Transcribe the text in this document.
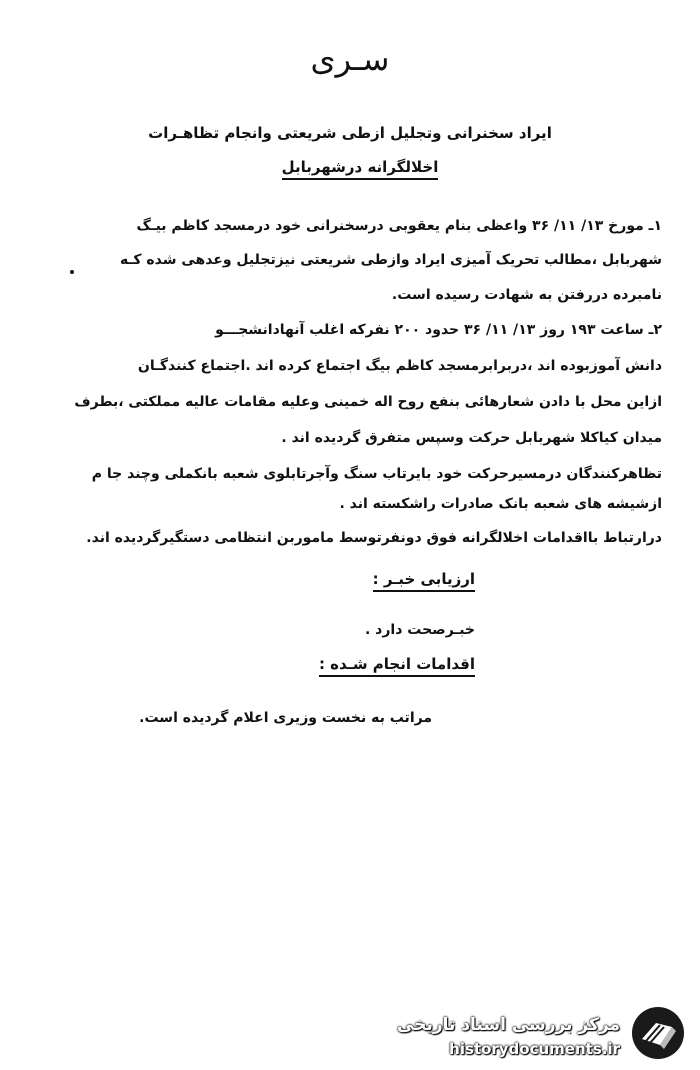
سـری
ایراد سخنرانی وتجلیل ازطی شریعتی وانجام تظاهـرات
اخلالگرانه درشهربابل
۱ـ مورخ ۱۳/ ۱۱/ ۳۶ واعظی بنام یعقوبی درسخنرانی خود درمسجد کاظم بیـگ
شهربابل ،مطالب تحریک آمیزی ایراد وازطی شریعتی نیزتجلیل وعدهی شده کـه
نامبرده دررفتن به شهادت رسیده است.
۲ـ ساعت ۱۹۳ روز ۱۳/ ۱۱/ ۳۶ حدود ۲۰۰ نفرکه اغلب آنهادانشجـــو
دانش آموزبوده اند ،دربرابرمسجد کاظم بیگ اجتماع کرده اند .اجتماع کنندگـان
ازاین محل با دادن شعارهائی بنفع روح اله خمینی وعلیه مقامات عالیه مملکتی ،بطرف
میدان کیاکلا شهربابل حرکت وسپس متفرق گردیده اند .
تظاهرکنندگان درمسیرحرکت خود بایرتاب سنگ وآجرتابلوی شعبه بانکملی وچند جا م
ازشیشه های شعبه بانک صادرات راشکسته اند .
درارتباط بااقدامات اخلالگرانه فوق دونفرتوسط ماموربن انتظامی دستگیرگردیده اند.
ارزیابی خبـر :
خبـرصحت دارد .
اقدامات انجام شـده :
مراتب به نخست وزیری اعلام گردیده است.
مرکز بررسی اسناد تاریخی
historydocuments.ir
